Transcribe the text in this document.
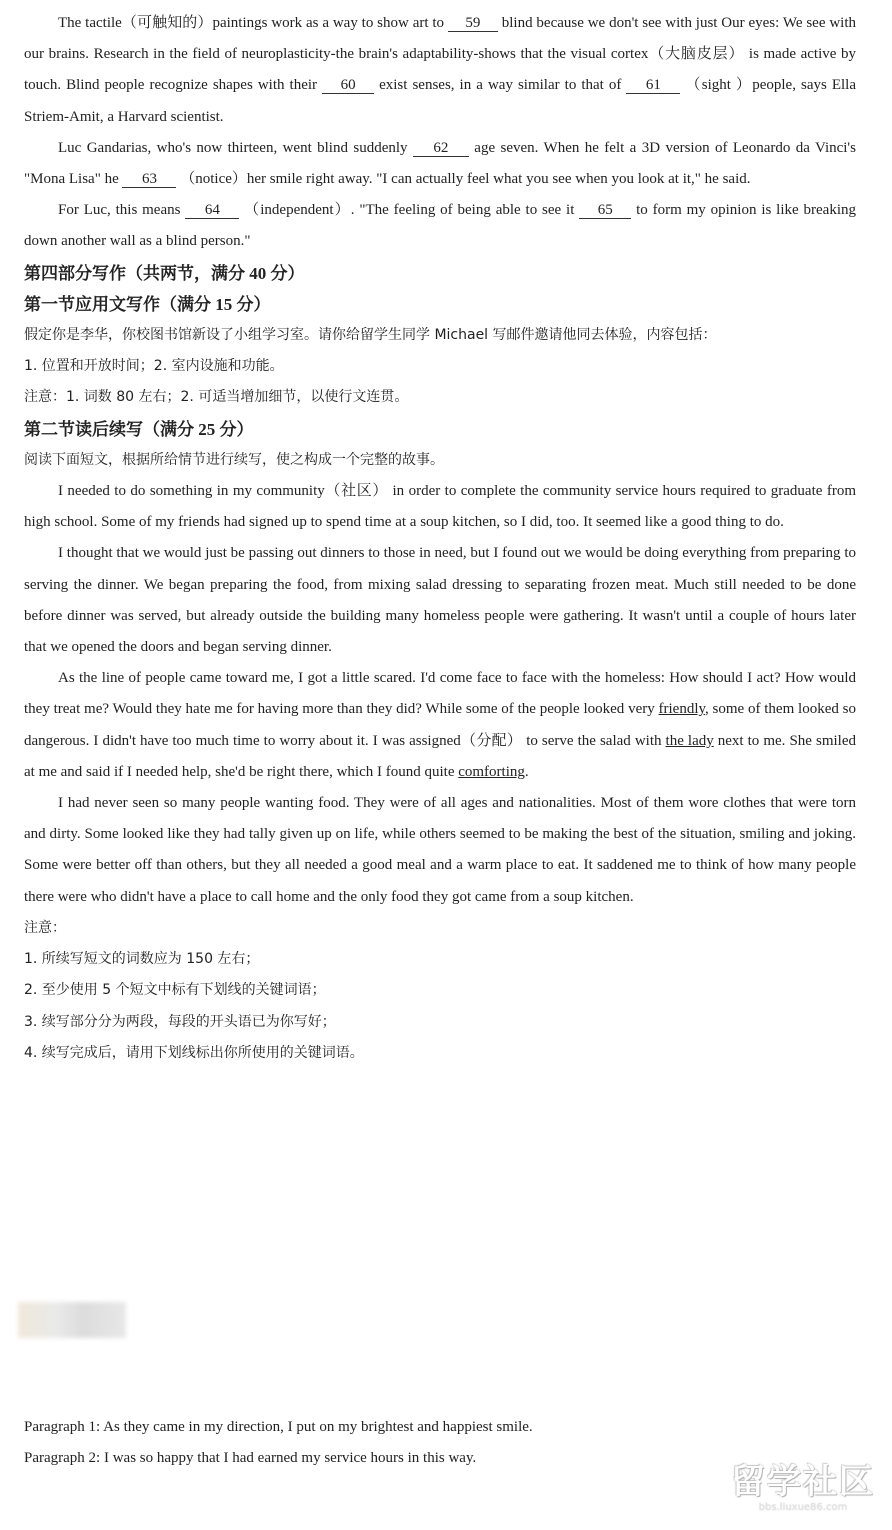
The tactile（可触知的）paintings work as a way to show art to 59 blind because we don't see with just Our eyes: We see with our brains. Research in the field of neuroplasticity-the brain's adaptability-shows that the visual cortex（大脑皮层） is made active by touch. Blind people recognize shapes with their 60 exist senses, in a way similar to that of 61 （sight ）people, says Ella Striem-Amit, a Harvard scientist.

Luc Gandarias, who's now thirteen, went blind suddenly 62 age seven. When he felt a 3D version of Leonardo da Vinci's "Mona Lisa" he 63 （notice）her smile right away. "I can actually feel what you see when you look at it," he said.

For Luc, this means 64 （independent）. "The feeling of being able to see it 65 to form my opinion is like breaking down another wall as a blind person."

第四部分写作（共两节，满分 40 分）

第一节应用文写作（满分 15 分）

假定你是李华，你校图书馆新设了小组学习室。请你给留学生同学 Michael 写邮件邀请他同去体验，内容包括：

1. 位置和开放时间；2. 室内设施和功能。

注意：1. 词数 80 左右；2. 可适当增加细节，以使行文连贯。

第二节读后续写（满分 25 分）

阅读下面短文，根据所给情节进行续写，使之构成一个完整的故事。

I needed to do something in my community（社区） in order to complete the community service hours required to graduate from high school. Some of my friends had signed up to spend time at a soup kitchen, so I did, too. It seemed like a good thing to do.

I thought that we would just be passing out dinners to those in need, but I found out we would be doing everything from preparing to serving the dinner. We began preparing the food, from mixing salad dressing to separating frozen meat. Much still needed to be done before dinner was served, but already outside the building many homeless people were gathering. It wasn't until a couple of hours later that we opened the doors and began serving dinner.

As the line of people came toward me, I got a little scared. I'd come face to face with the homeless: How should I act? How would they treat me? Would they hate me for having more than they did? While some of the people looked very friendly, some of them looked so dangerous. I didn't have too much time to worry about it. I was assigned（分配） to serve the salad with the lady next to me. She smiled at me and said if I needed help, she'd be right there, which I found quite comforting.

I had never seen so many people wanting food. They were of all ages and nationalities. Most of them wore clothes that were torn and dirty. Some looked like they had tally given up on life, while others seemed to be making the best of the situation, smiling and joking. Some were better off than others, but they all needed a good meal and a warm place to eat. It saddened me to think of how many people there were who didn't have a place to call home and the only food they got came from a soup kitchen.

注意：

1. 所续写短文的词数应为 150 左右；

2. 至少使用 5 个短文中标有下划线的关键词语；

3. 续写部分分为两段，每段的开头语已为你写好；

4. 续写完成后，请用下划线标出你所使用的关键词语。

Paragraph 1: As they came in my direction, I put on my brightest and happiest smile.

Paragraph 2: I was so happy that I had earned my service hours in this way.

留学社区
bbs.liuxue86.com
